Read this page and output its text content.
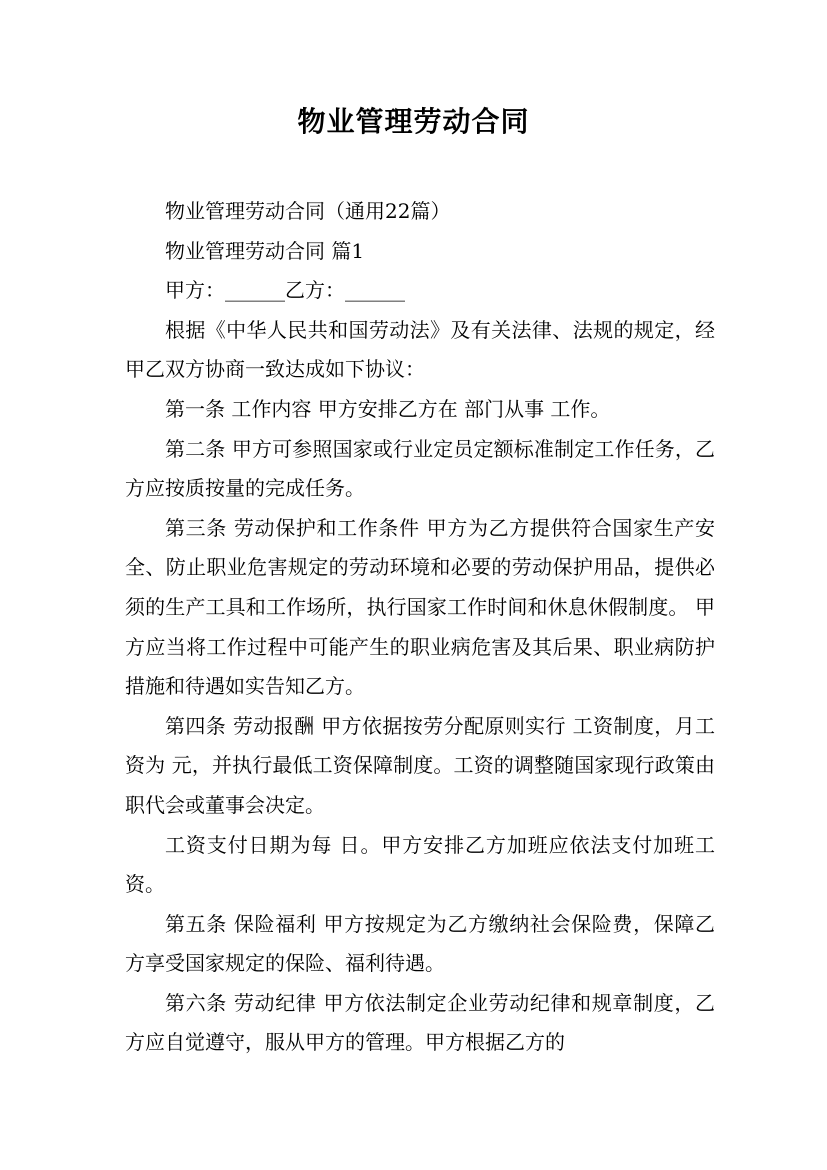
物业管理劳动合同

物业管理劳动合同（通用22篇）

物业管理劳动合同 篇1

甲方：______乙方：______

根据《中华人民共和国劳动法》及有关法律、法规的规定，经甲乙双方协商一致达成如下协议：

第一条 工作内容 甲方安排乙方在 部门从事 工作。

第二条 甲方可参照国家或行业定员定额标准制定工作任务，乙方应按质按量的完成任务。

第三条 劳动保护和工作条件 甲方为乙方提供符合国家生产安全、防止职业危害规定的劳动环境和必要的劳动保护用品，提供必须的生产工具和工作场所，执行国家工作时间和休息休假制度。 甲方应当将工作过程中可能产生的职业病危害及其后果、职业病防护措施和待遇如实告知乙方。

第四条 劳动报酬 甲方依据按劳分配原则实行 工资制度，月工资为 元，并执行最低工资保障制度。工资的调整随国家现行政策由职代会或董事会决定。

工资支付日期为每 日。甲方安排乙方加班应依法支付加班工资。

第五条 保险福利 甲方按规定为乙方缴纳社会保险费，保障乙方享受国家规定的保险、福利待遇。

第六条 劳动纪律 甲方依法制定企业劳动纪律和规章制度，乙方应自觉遵守，服从甲方的管理。甲方根据乙方的
